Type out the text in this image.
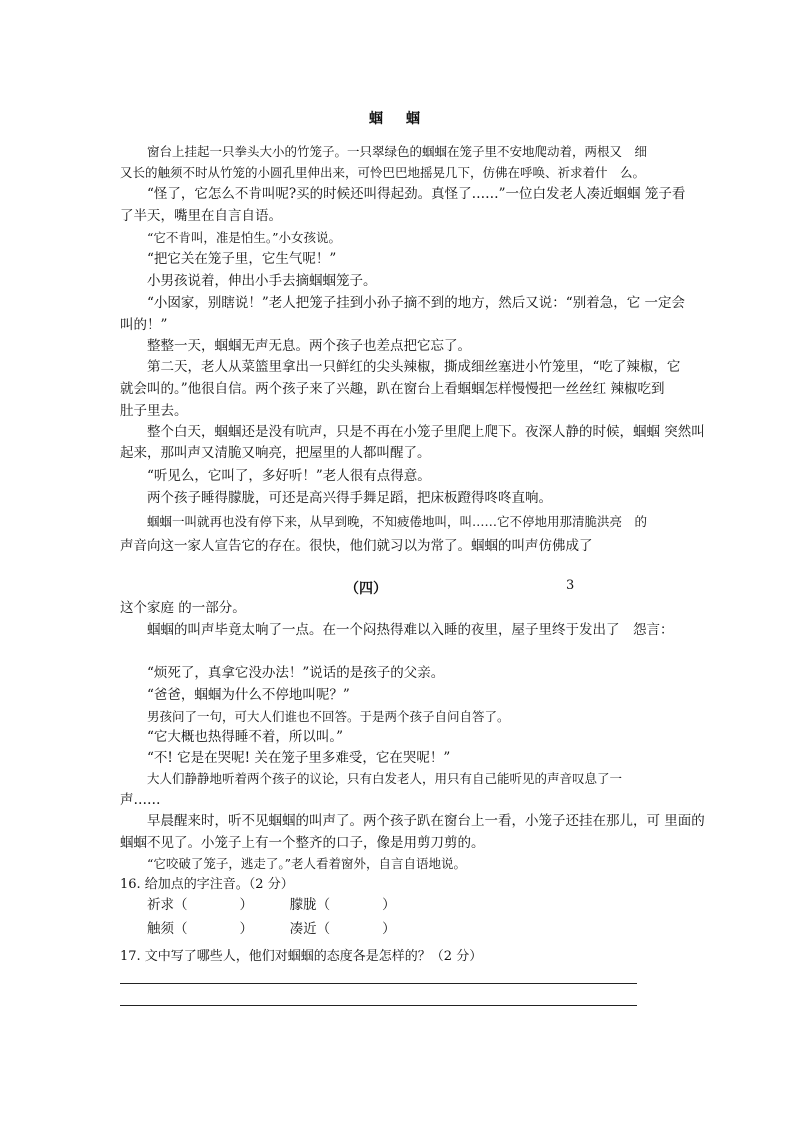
蝈 蝈
窗台上挂起一只拳头大小的竹笼子。一只翠绿色的蝈蝈在笼子里不安地爬动着，两根又　细
又长的触须不时从竹笼的小圆孔里伸出来，可怜巴巴地摇晃几下，仿佛在呼唤、祈求着什　么。
“怪了，它怎么不肯叫呢?买的时候还叫得起劲。真怪了……”一位白发老人凑近蝈蝈 笼子看
了半天，嘴里在自言自语。
“它不肯叫，准是怕生。”小女孩说。
“把它关在笼子里，它生气呢！”
小男孩说着，伸出小手去摘蝈蝈笼子。
“小囡家，别瞎说！”老人把笼子挂到小孙子摘不到的地方，然后又说：“别着急，它 一定会
叫的！”
整整一天，蝈蝈无声无息。两个孩子也差点把它忘了。
第二天，老人从菜篮里拿出一只鲜红的尖头辣椒，撕成细丝塞进小竹笼里，“吃了辣椒，它
就会叫的。”他很自信。两个孩子来了兴趣，趴在窗台上看蝈蝈怎样慢慢把一丝丝红 辣椒吃到
肚子里去。
整个白天，蝈蝈还是没有吭声，只是不再在小笼子里爬上爬下。夜深人静的时候，蝈蝈 突然叫
起来，那叫声又清脆又响亮，把屋里的人都叫醒了。
“听见么，它叫了，多好听！”老人很有点得意。
两个孩子睡得朦胧，可还是高兴得手舞足蹈，把床板蹬得咚咚直响。
蝈蝈一叫就再也没有停下来，从早到晚，不知疲倦地叫，叫……它不停地用那清脆洪亮　的
声音向这一家人宣告它的存在。很快，他们就习以为常了。蝈蝈的叫声仿佛成了
（四）	3
这个家庭 的一部分。
蝈蝈的叫声毕竟太响了一点。在一个闷热得难以入睡的夜里，屋子里终于发出了　怨言：
“烦死了，真拿它没办法！”说话的是孩子的父亲。
“爸爸，蝈蝈为什么不停地叫呢？”
男孩问了一句，可大人们谁也不回答。于是两个孩子自问自答了。
“它大概也热得睡不着，所以叫。”
“不! 它是在哭呢! 关在笼子里多难受，它在哭呢！”
大人们静静地听着两个孩子的议论，只有白发老人，用只有自己能听见的声音叹息了一
声……
早晨醒来时，听不见蝈蝈的叫声了。两个孩子趴在窗台上一看，小笼子还挂在那儿，可 里面的
蝈蝈不见了。小笼子上有一个整齐的口子，像是用剪刀剪的。
“它咬破了笼子，逃走了。”老人看着窗外，自言自语地说。
16. 给加点的字注音。（2 分）
祈求（	）	朦胧（	）
触须（	）	凑近（	）
17. 文中写了哪些人，他们对蝈蝈的态度各是怎样的？（2 分）
